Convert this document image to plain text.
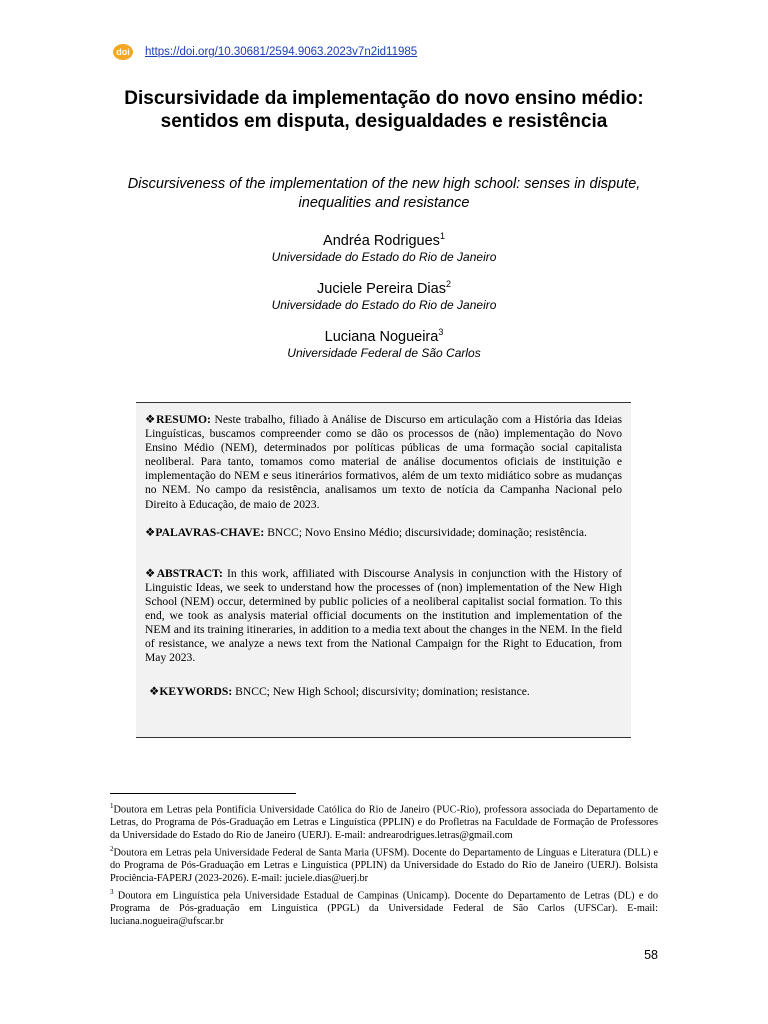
doi https://doi.org/10.30681/2594.9063.2023v7n2id11985
Discursividade da implementação do novo ensino médio: sentidos em disputa, desigualdades e resistência
Discursiveness of the implementation of the new high school: senses in dispute, inequalities and resistance
Andréa Rodrigues$^1$
Universidade do Estado do Rio de Janeiro
Juciele Pereira Dias$^2$
Universidade do Estado do Rio de Janeiro
Luciana Nogueira$^3$
Universidade Federal de São Carlos

❖RESUMO: Neste trabalho, filiado à Análise de Discurso em articulação com a História das Ideias Linguísticas, buscamos compreender como se dão os processos de (não) implementação do Novo Ensino Médio (NEM), determinados por políticas públicas de uma formação social capitalista neoliberal. Para tanto, tomamos como material de análise documentos oficiais de instituição e implementação do NEM e seus itinerários formativos, além de um texto midiático sobre as mudanças no NEM. No campo da resistência, analisamos um texto de notícia da Campanha Nacional pelo Direito à Educação, de maio de 2023.

❖PALAVRAS-CHAVE: BNCC; Novo Ensino Médio; discursividade; dominação; resistência.

❖ABSTRACT: In this work, affiliated with Discourse Analysis in conjunction with the History of Linguistic Ideas, we seek to understand how the processes of (non) implementation of the New High School (NEM) occur, determined by public policies of a neoliberal capitalist social formation. To this end, we took as analysis material official documents on the institution and implementation of the NEM and its training itineraries, in addition to a media text about the changes in the NEM. In the field of resistance, we analyze a news text from the National Campaign for the Right to Education, from May 2023.

❖KEYWORDS: BNCC; New High School; discursivity; domination; resistance.

$^1$Doutora em Letras pela Pontifícia Universidade Católica do Rio de Janeiro (PUC-Rio), professora associada do Departamento de Letras, do Programa de Pós-Graduação em Letras e Linguística (PPLIN) e do Profletras na Faculdade de Formação de Professores da Universidade do Estado do Rio de Janeiro (UERJ). E-mail: andrearodrigues.letras@gmail.com

$^2$Doutora em Letras pela Universidade Federal de Santa Maria (UFSM). Docente do Departamento de Línguas e Literatura (DLL) e do Programa de Pós-Graduação em Letras e Linguística (PPLIN) da Universidade do Estado do Rio de Janeiro (UERJ). Bolsista Prociência-FAPERJ (2023-2026). E-mail: juciele.dias@uerj.br

$^3$ Doutora em Linguística pela Universidade Estadual de Campinas (Unicamp). Docente do Departamento de Letras (DL) e do Programa de Pós-graduação em Linguística (PPGL) da Universidade Federal de São Carlos (UFSCar). E-mail: luciana.nogueira@ufscar.br

58
